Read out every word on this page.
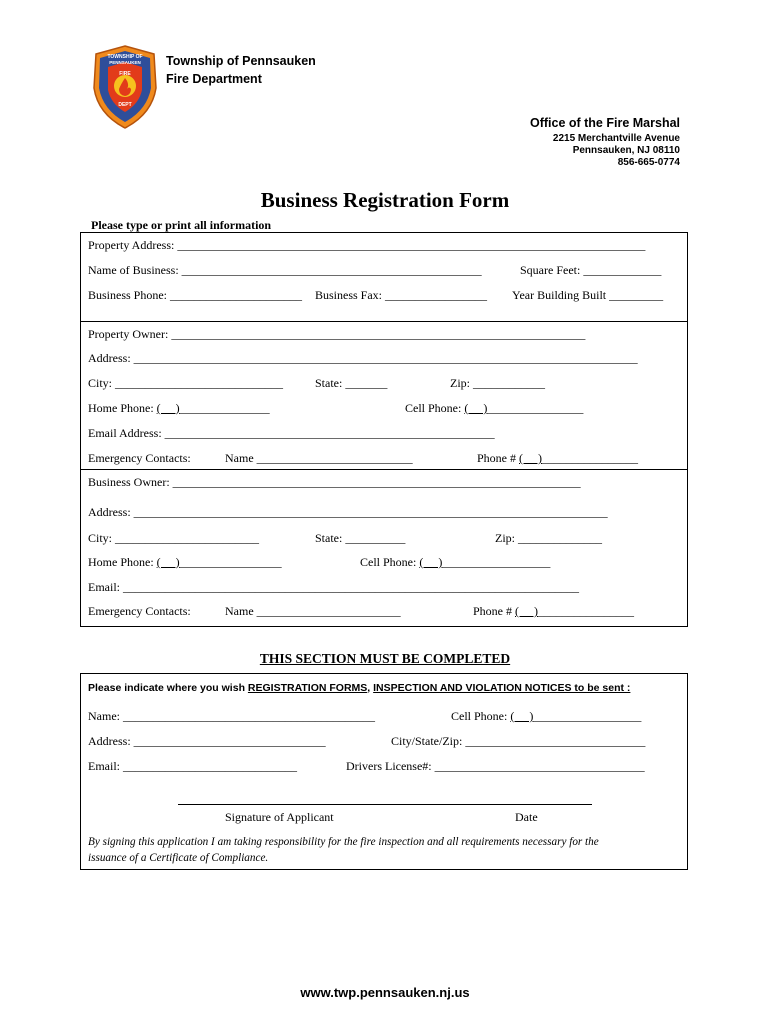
TOWNSHIP OF
PENNSAUKEN
FIRE
DEPT
Township of Pennsauken
Fire Department
Office of the Fire Marshal
2215 Merchantville Avenue
Pennsauken, NJ 08110
856-665-0774
Business Registration Form
Please type or print all information
Property Address: ______________________________________________________________________________
Name of Business: __________________________________________________	Square Feet: _____________
Business Phone: ______________________ Business Fax: _________________ Year Building Built _________
Property Owner: _____________________________________________________________________
Address: ____________________________________________________________________________________
City: ____________________________	State: _______	Zip: ____________
Home Phone: (     )_______________	Cell Phone: (     )________________
Email Address: _______________________________________________________
Emergency Contacts:	Name __________________________	Phone # (     )________________
Business Owner: ____________________________________________________________________
Address: _______________________________________________________________________________
City: ________________________	State: __________	Zip: ______________
Home Phone: (     )_________________	Cell Phone: (     )__________________
Email: ____________________________________________________________________________
Emergency Contacts:	Name ________________________	Phone # (     )________________
THIS SECTION MUST BE COMPLETED
Please indicate where you wish REGISTRATION FORMS, INSPECTION AND VIOLATION NOTICES to be sent :
Name: __________________________________________	Cell Phone: (     )__________________
Address: ________________________________	City/State/Zip: ______________________________
Email: _____________________________	Drivers License#: ___________________________________
Signature of Applicant	Date
By signing this application I am taking responsibility for the fire inspection and all requirements necessary for the
issuance of a Certificate of Compliance.
www.twp.pennsauken.nj.us
